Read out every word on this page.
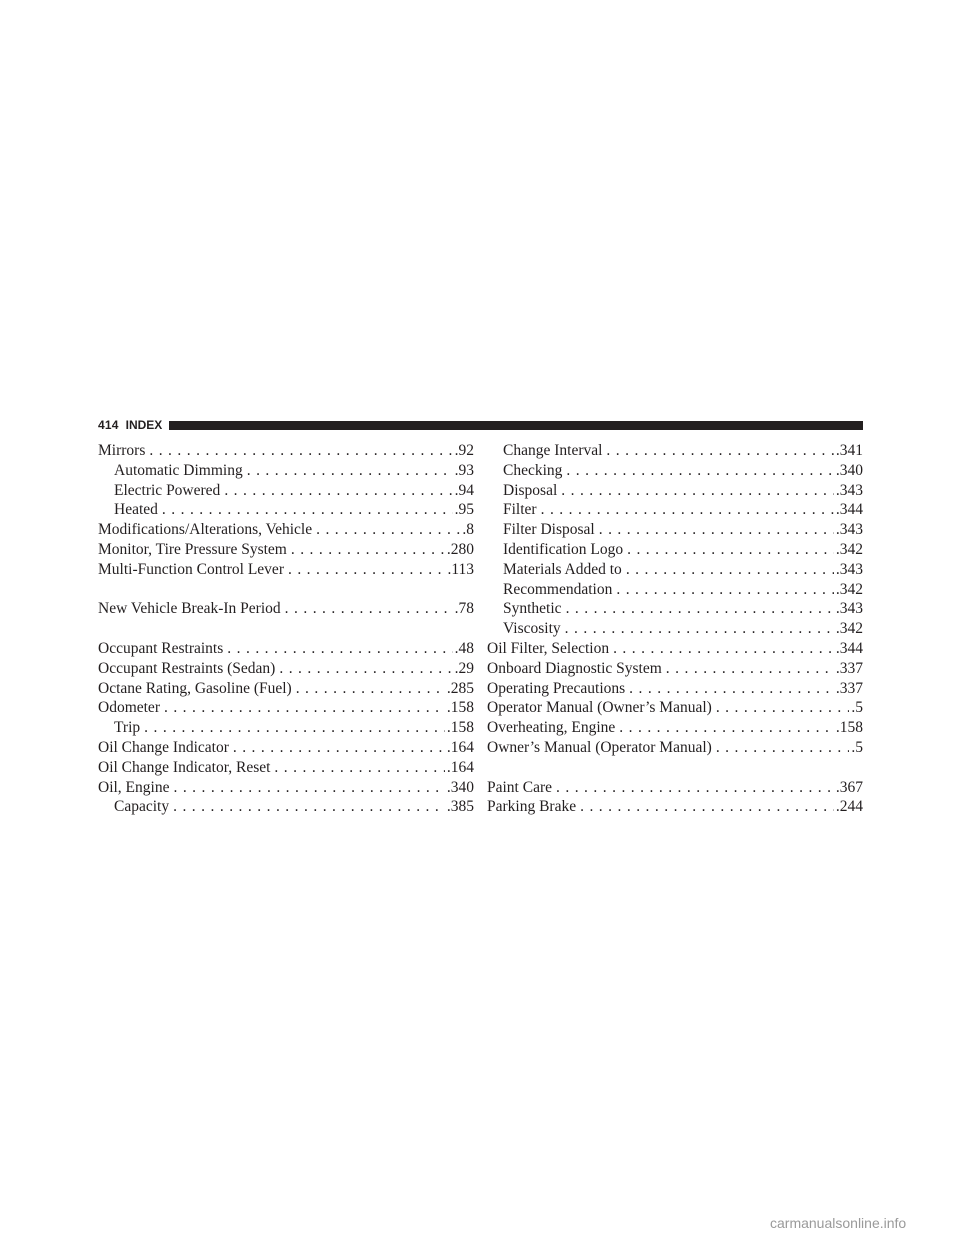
414 INDEX
Mirrors . . .	.92
Automatic Dimming . . .	.93
Electric Powered . . .	.94
Heated . . .	.95
Modifications/Alterations, Vehicle . . .	.8
Monitor, Tire Pressure System . . .	.280
Multi-Function Control Lever . . .	.113
New Vehicle Break-In Period . . .	.78
Occupant Restraints . . .	.48
Occupant Restraints (Sedan) . . .	.29
Octane Rating, Gasoline (Fuel) . . .	.285
Odometer . . .	.158
Trip . . .	.158
Oil Change Indicator . . .	.164
Oil Change Indicator, Reset . . .	.164
Oil, Engine . . .	.340
Capacity . . .	.385
Change Interval . . .	.341
Checking . . .	.340
Disposal . . .	.343
Filter . . .	.344
Filter Disposal . . .	.343
Identification Logo . . .	.342
Materials Added to . . .	.343
Recommendation . . .	.342
Synthetic . . .	.343
Viscosity . . .	.342
Oil Filter, Selection . . .	.344
Onboard Diagnostic System . . .	.337
Operating Precautions . . .	.337
Operator Manual (Owner’s Manual) . . .	.5
Overheating, Engine . . .	.158
Owner’s Manual (Operator Manual) . . .	.5
Paint Care . . .	.367
Parking Brake . . .	.244
carmanualsonline.info
